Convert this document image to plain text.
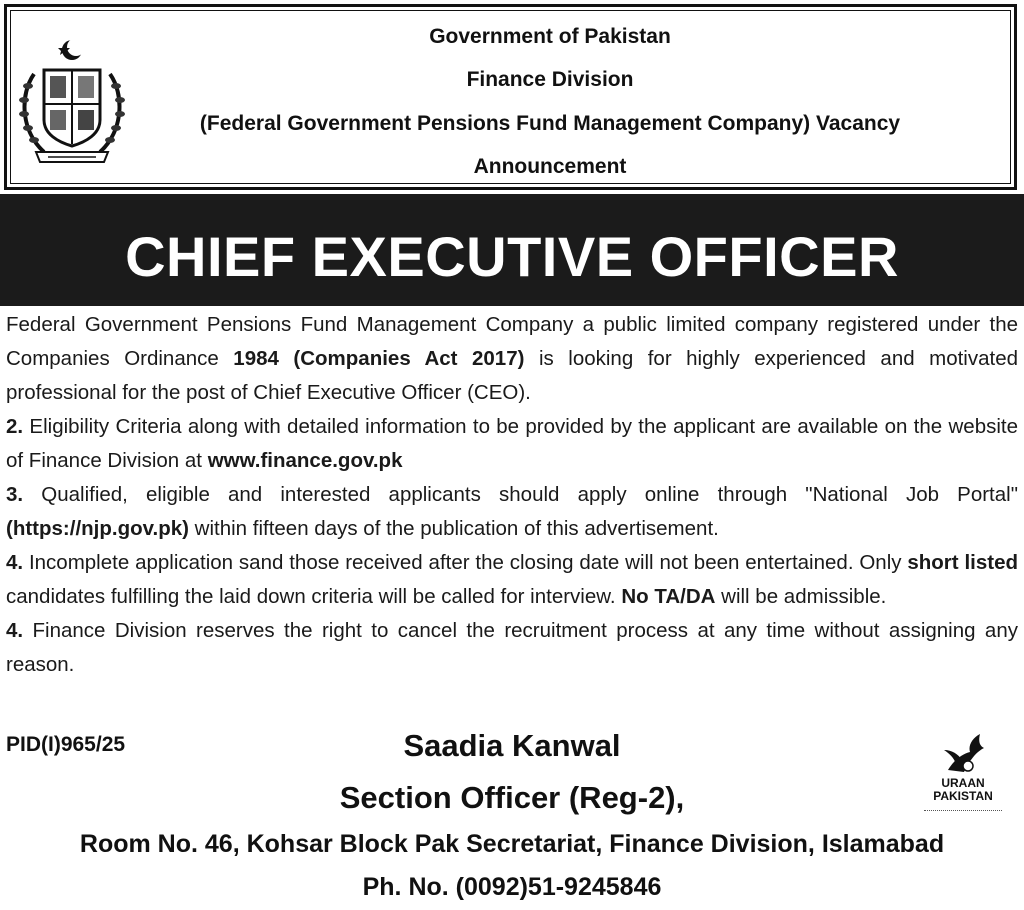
Government of Pakistan
Finance Division
(Federal Government Pensions Fund Management Company) Vacancy
Announcement
CHIEF EXECUTIVE OFFICER

Federal Government Pensions Fund Management Company a public limited company registered under the Companies Ordinance 1984 (Companies Act 2017) is looking for highly experienced and motivated professional for the post of Chief Executive Officer (CEO).

2. Eligibility Criteria along with detailed information to be provided by the applicant are available on the website of Finance Division at www.finance.gov.pk

3. Qualified, eligible and interested applicants should apply online through "National Job Portal" (https://njp.gov.pk) within fifteen days of the publication of this advertisement.

4. Incomplete application sand those received after the closing date will not been entertained. Only short listed candidates fulfilling the laid down criteria will be called for interview. No TA/DA will be admissible.

4. Finance Division reserves the right to cancel the recruitment process at any time without assigning any reason.

PID(I)965/25	Saadia Kanwal
Section Officer (Reg-2),
Room No. 46, Kohsar Block Pak Secretariat, Finance Division, Islamabad
Ph. No. (0092)51-9245846
URAAN
PAKISTAN
